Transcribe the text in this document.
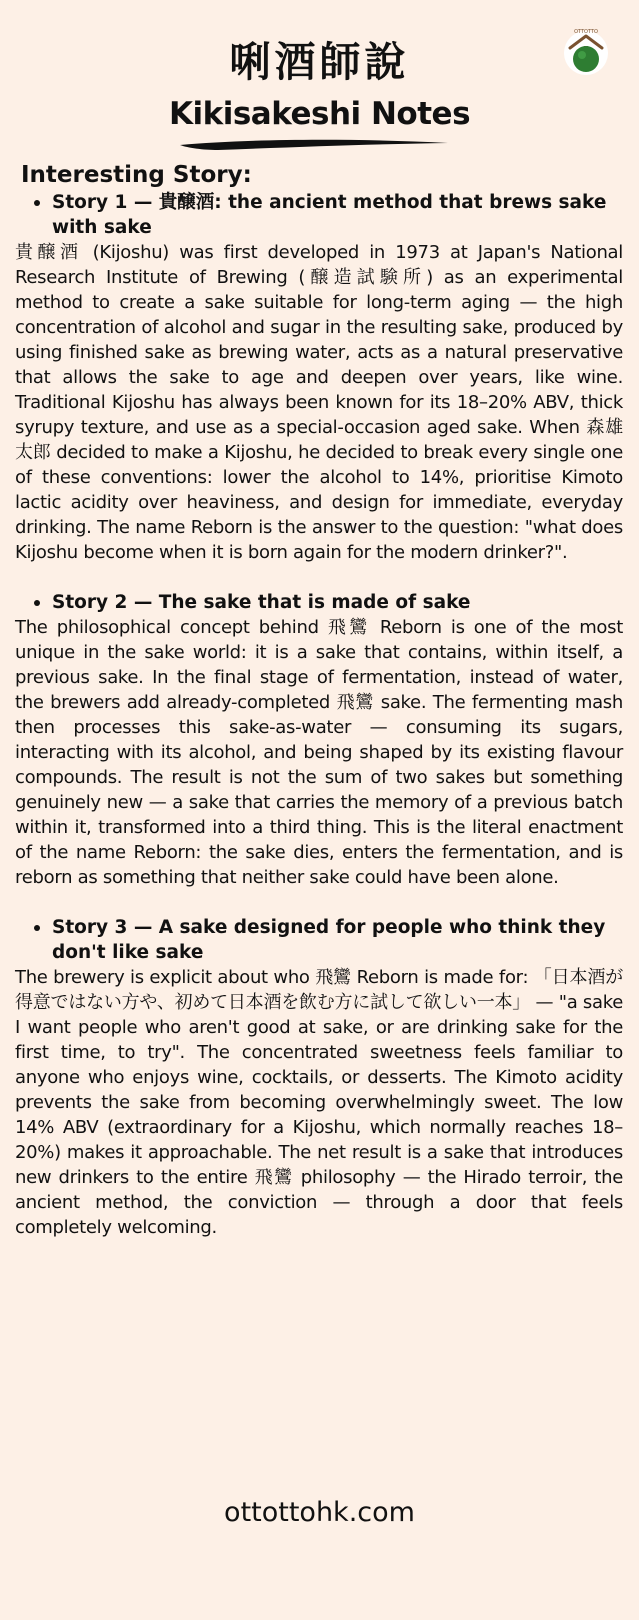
OTTOTTO
唎酒師說
Kikisakeshi Notes
Interesting Story:

Story 1 — 貴醸酒: the ancient method that brews sake with sake

貴醸酒 (Kijoshu) was first developed in 1973 at Japan's National Research Institute of Brewing (醸造試験所) as an experimental method to create a sake suitable for long-term aging — the high concentration of alcohol and sugar in the resulting sake, produced by using finished sake as brewing water, acts as a natural preservative that allows the sake to age and deepen over years, like wine. Traditional Kijoshu has always been known for its 18–20% ABV, thick syrupy texture, and use as a special-occasion aged sake. When 森雄太郎 decided to make a Kijoshu, he decided to break every single one of these conventions: lower the alcohol to 14%, prioritise Kimoto lactic acidity over heaviness, and design for immediate, everyday drinking. The name Reborn is the answer to the question: "what does Kijoshu become when it is born again for the modern drinker?".

Story 2 — The sake that is made of sake

The philosophical concept behind 飛鸞 Reborn is one of the most unique in the sake world: it is a sake that contains, within itself, a previous sake. In the final stage of fermentation, instead of water, the brewers add already-completed 飛鸞 sake. The fermenting mash then processes this sake-as-water — consuming its sugars, interacting with its alcohol, and being shaped by its existing flavour compounds. The result is not the sum of two sakes but something genuinely new — a sake that carries the memory of a previous batch within it, transformed into a third thing. This is the literal enactment of the name Reborn: the sake dies, enters the fermentation, and is reborn as something that neither sake could have been alone.

Story 3 — A sake designed for people who think they don't like sake

The brewery is explicit about who 飛鸞 Reborn is made for: 「日本酒が得意ではない方や、初めて日本酒を飲む方に試して欲しい一本」 — "a sake I want people who aren't good at sake, or are drinking sake for the first time, to try". The concentrated sweetness feels familiar to anyone who enjoys wine, cocktails, or desserts. The Kimoto acidity prevents the sake from becoming overwhelmingly sweet. The low 14% ABV (extraordinary for a Kijoshu, which normally reaches 18–20%) makes it approachable. The net result is a sake that introduces new drinkers to the entire 飛鸞 philosophy — the Hirado terroir, the ancient method, the conviction — through a door that feels completely welcoming.

ottottohk.com
